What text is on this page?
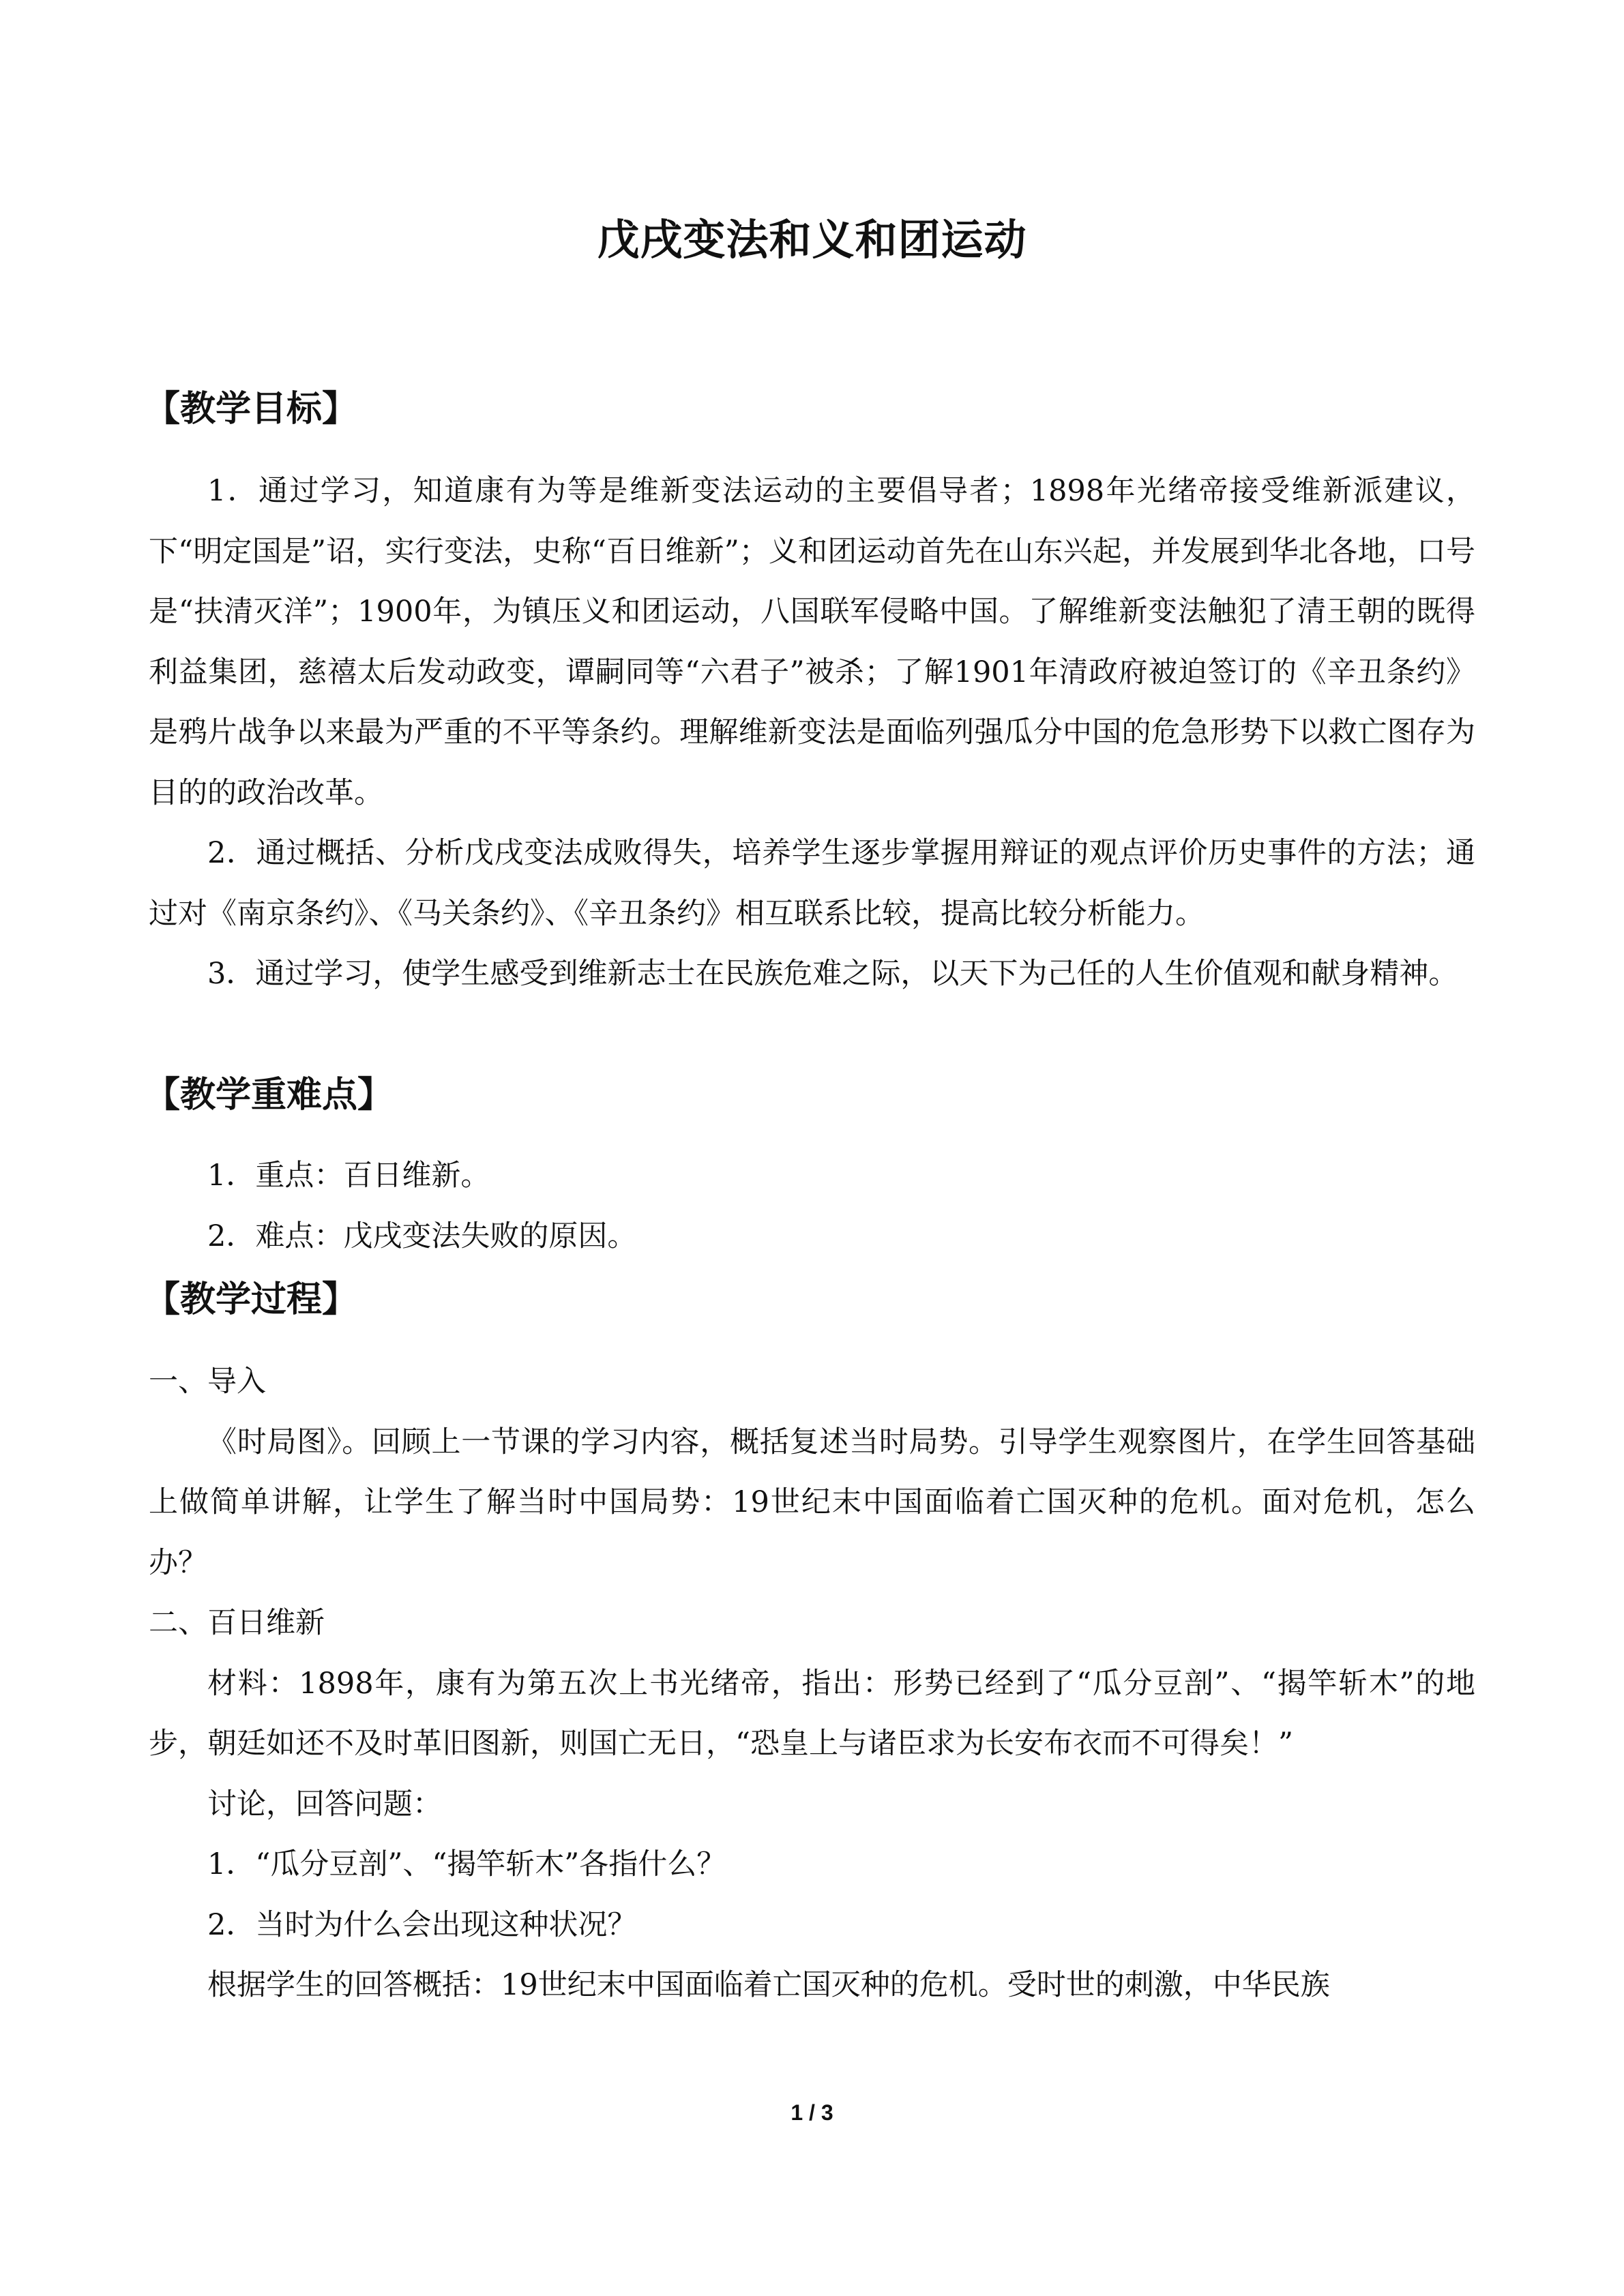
戊戌变法和义和团运动
【教学目标】

1．通过学习，知道康有为等是维新变法运动的主要倡导者；1898年光绪帝接受维新派建议，下“明定国是”诏，实行变法，史称“百日维新”；义和团运动首先在山东兴起，并发展到华北各地，口号是“扶清灭洋”；1900年，为镇压义和团运动，八国联军侵略中国。了解维新变法触犯了清王朝的既得利益集团，慈禧太后发动政变，谭嗣同等“六君子”被杀；了解1901年清政府被迫签订的《辛丑条约》是鸦片战争以来最为严重的不平等条约。理解维新变法是面临列强瓜分中国的危急形势下以救亡图存为目的的政治改革。

2．通过概括、分析戊戌变法成败得失，培养学生逐步掌握用辩证的观点评价历史事件的方法；通过对《南京条约》、《马关条约》、《辛丑条约》相互联系比较，提高比较分析能力。

3．通过学习，使学生感受到维新志士在民族危难之际，以天下为己任的人生价值观和献身精神。

【教学重难点】

1．重点：百日维新。

2．难点：戊戌变法失败的原因。

【教学过程】

一、导入

《时局图》。回顾上一节课的学习内容，概括复述当时局势。引导学生观察图片，在学生回答基础上做简单讲解，让学生了解当时中国局势：19世纪末中国面临着亡国灭种的危机。面对危机，怎么办？

二、百日维新

材料：1898年，康有为第五次上书光绪帝，指出：形势已经到了“瓜分豆剖”、“揭竿斩木”的地步，朝廷如还不及时革旧图新，则国亡无日，“恐皇上与诸臣求为长安布衣而不可得矣！”

讨论，回答问题：

1．“瓜分豆剖”、“揭竿斩木”各指什么？

2．当时为什么会出现这种状况？

根据学生的回答概括：19世纪末中国面临着亡国灭种的危机。受时世的刺激，中华民族

1 / 3
